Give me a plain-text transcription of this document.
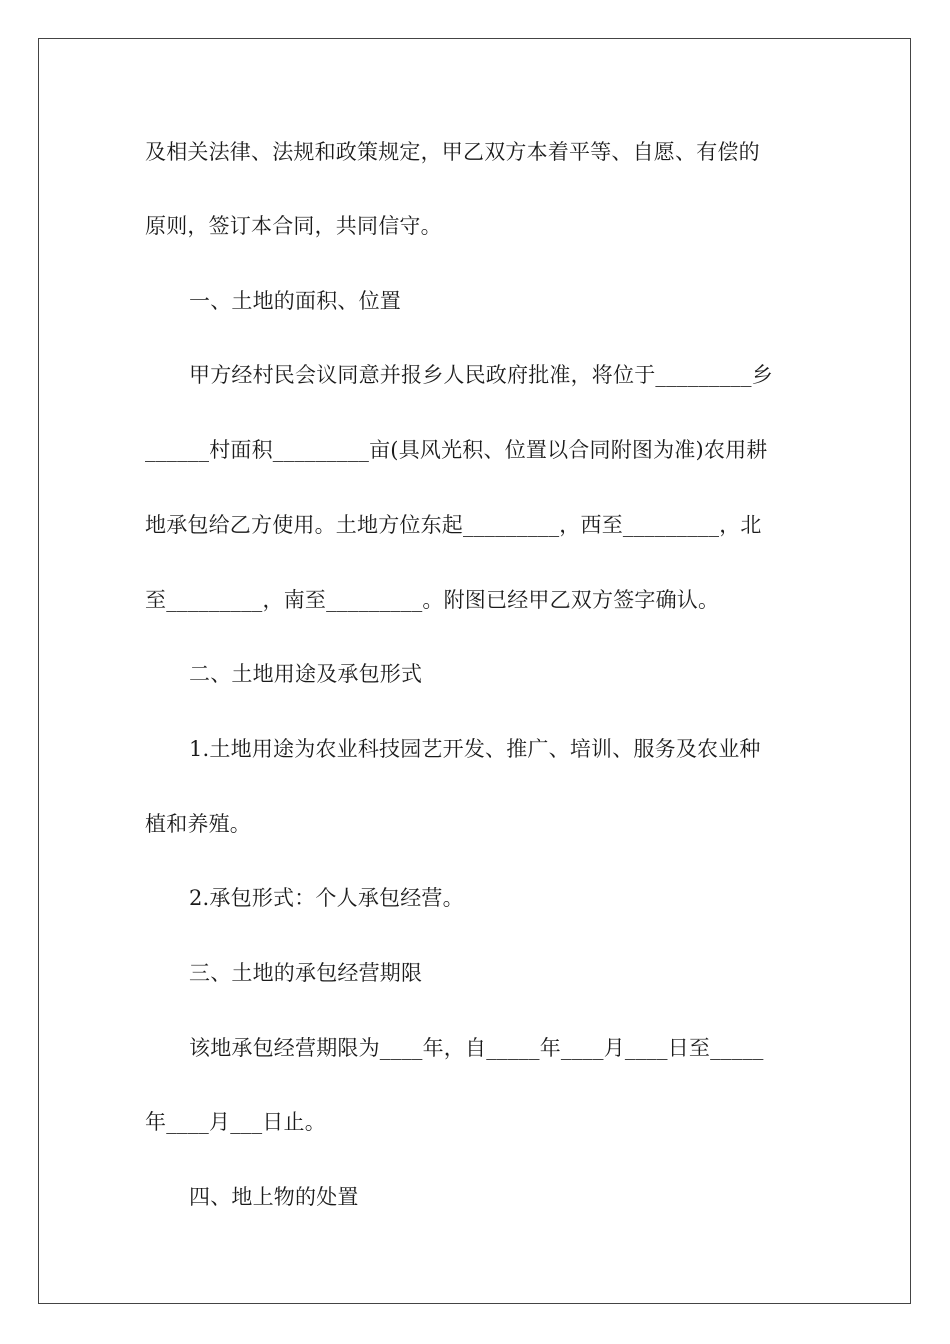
及相关法律、法规和政策规定，甲乙双方本着平等、自愿、有偿的
原则，签订本合同，共同信守。
一、土地的面积、位置
甲方经村民会议同意并报乡人民政府批准，将位于_________乡
______村面积_________亩(具风光积、位置以合同附图为准)农用耕
地承包给乙方使用。土地方位东起_________，西至_________，北
至_________，南至_________。附图已经甲乙双方签字确认。
二、土地用途及承包形式
1.土地用途为农业科技园艺开发、推广、培训、服务及农业种
植和养殖。
2.承包形式：个人承包经营。
三、土地的承包经营期限
该地承包经营期限为____年，自_____年____月____日至_____
年____月___日止。
四、地上物的处置
